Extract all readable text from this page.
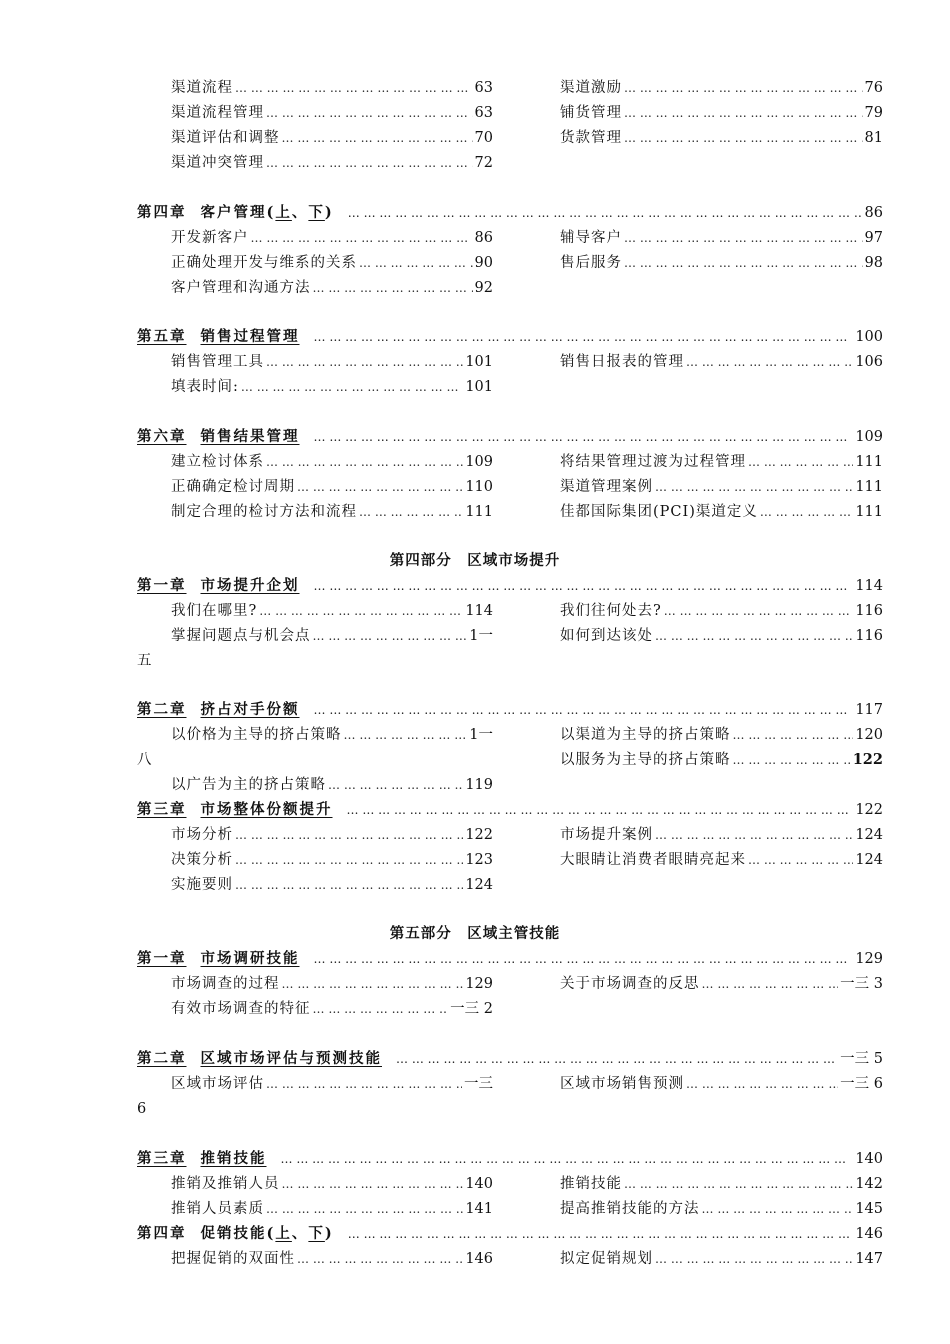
渠道流程 … … … … … … … … … … … … … … … … … … … … … … … … … … … … … … … … … … … … … … … … … … … … … … … … … … … … … … … … … … … … … … … … … … … … … … … … … … … … … … … … … …	63
渠道流程管理 … … … … … … … … … … … … … … … … … … … … … … … … … … … … … … … … … … … … … … … … … … … … … … … … … … … … … … … … … … … … … … … … … … … … … … … … … … … … … … … … … …	63
渠道评估和调整 … … … … … … … … … … … … … … … … … … … … … … … … … … … … … … … … … … … … … … … … … … … … … … … … … … … … … … … … … … … … … … … … … … … … … … … … … … … … … … … … … …	70
渠道冲突管理 … … … … … … … … … … … … … … … … … … … … … … … … … … … … … … … … … … … … … … … … … … … … … … … … … … … … … … … … … … … … … … … … … … … … … … … … … … … … … … … … … …	72
渠道激励 … … … … … … … … … … … … … … … … … … … … … … … … … … … … … … … … … … … … … … … … … … … … … … … … … … … … … … … … … … … … … … … … … … … … … … … … … … … … … … … … … …	76
铺货管理 … … … … … … … … … … … … … … … … … … … … … … … … … … … … … … … … … … … … … … … … … … … … … … … … … … … … … … … … … … … … … … … … … … … … … … … … … … … … … … … … … …	79
货款管理 … … … … … … … … … … … … … … … … … … … … … … … … … … … … … … … … … … … … … … … … … … … … … … … … … … … … … … … … … … … … … … … … … … … … … … … … … … … … … … … … … …	81
第四章 客户管理(上、下) … … … … … … … … … … … … … … … … … … … … … … … … … … … … … … … … … … … … … … … … … … … … … … … … … … … … … … … … … … … … … … … … … … … … … … … … … … … … … … … … … … … … … … … … … …	86
开发新客户 … … … … … … … … … … … … … … … … … … … … … … … … … … … … … … … … … … … … … … … … … … … … … … … … … … … … … … … … … … … … … … … … … … … … … … … … … … … … … … … … … …	86
正确处理开发与维系的关系 … … … … … … … … … … … … … … … … … … … … … … … … … … … … … … … … … … … … … … … … … … … … … … … … … … … … … … … … … … … … … … … … … … … … … … … … … … … … … … … … … …	90
客户管理和沟通方法 … … … … … … … … … … … … … … … … … … … … … … … … … … … … … … … … … … … … … … … … … … … … … … … … … … … … … … … … … … … … … … … … … … … … … … … … … … … … … … … … … …	92
辅导客户 … … … … … … … … … … … … … … … … … … … … … … … … … … … … … … … … … … … … … … … … … … … … … … … … … … … … … … … … … … … … … … … … … … … … … … … … … … … … … … … … … …	97
售后服务 … … … … … … … … … … … … … … … … … … … … … … … … … … … … … … … … … … … … … … … … … … … … … … … … … … … … … … … … … … … … … … … … … … … … … … … … … … … … … … … … … …	98
第五章 销售过程管理 … … … … … … … … … … … … … … … … … … … … … … … … … … … … … … … … … … … … … … … … … … … … … … … … … … … … … … … … … … … … … … … … … … … … … … … … … … … … … … … … … … … … … … … … … …	100
销售管理工具 … … … … … … … … … … … … … … … … … … … … … … … … … … … … … … … … … … … … … … … … … … … … … … … … … … … … … … … … … … … … … … … … … … … … … … … … … … … … … … … … … …	101
填表时间: … … … … … … … … … … … … … … … … … … … … … … … … … … … … … … … … … … … … … … … … … … … … … … … … … … … … … … … … … … … … … … … … … … … … … … … … … … … … … … … … … …	101
销售日报表的管理 … … … … … … … … … … … … … … … … … … … … … … … … … … … … … … … … … … … … … … … … … … … … … … … … … … … … … … … … … … … … … … … … … … … … … … … … … … … … … … … … … …	106
第六章 销售结果管理 … … … … … … … … … … … … … … … … … … … … … … … … … … … … … … … … … … … … … … … … … … … … … … … … … … … … … … … … … … … … … … … … … … … … … … … … … … … … … … … … … … … … … … … … … …	109
建立检讨体系 … … … … … … … … … … … … … … … … … … … … … … … … … … … … … … … … … … … … … … … … … … … … … … … … … … … … … … … … … … … … … … … … … … … … … … … … … … … … … … … … … …	109
正确确定检讨周期 … … … … … … … … … … … … … … … … … … … … … … … … … … … … … … … … … … … … … … … … … … … … … … … … … … … … … … … … … … … … … … … … … … … … … … … … … … … … … … … … … …	110
制定合理的检讨方法和流程 … … … … … … … … … … … … … … … … … … … … … … … … … … … … … … … … … … … … … … … … … … … … … … … … … … … … … … … … … … … … … … … … … … … … … … … … … … … … … … … … … …	111
将结果管理过渡为过程管理 … … … … … … … … … … … … … … … … … … … … … … … … … … … … … … … … … … … … … … … … … … … … … … … … … … … … … … … … … … … … … … … … … … … … … … … … … … … … … … … … … …	111
渠道管理案例 … … … … … … … … … … … … … … … … … … … … … … … … … … … … … … … … … … … … … … … … … … … … … … … … … … … … … … … … … … … … … … … … … … … … … … … … … … … … … … … … … …	111
佳都国际集团(PCI)渠道定义 … … … … … … … … … … … … … … … … … … … … … … … … … … … … … … … … … … … … … … … … … … … … … … … … … … … … … … … … … … … … … … … … … … … … … … … … … … … … … … … … … …	111
第四部分　区域市场提升
第一章 市场提升企划 … … … … … … … … … … … … … … … … … … … … … … … … … … … … … … … … … … … … … … … … … … … … … … … … … … … … … … … … … … … … … … … … … … … … … … … … … … … … … … … … … … … … … … … … … …	114
我们在哪里? … … … … … … … … … … … … … … … … … … … … … … … … … … … … … … … … … … … … … … … … … … … … … … … … … … … … … … … … … … … … … … … … … … … … … … … … … … … … … … … … … …	114
掌握问题点与机会点 … … … … … … … … … … … … … … … … … … … … … … … … … … … … … … … … … … … … … … … … … … … … … … … … … … … … … … … … … … … … … … … … … … … … … … … … … … … … … … … … … …	1一
五
我们往何处去? … … … … … … … … … … … … … … … … … … … … … … … … … … … … … … … … … … … … … … … … … … … … … … … … … … … … … … … … … … … … … … … … … … … … … … … … … … … … … … … … … …	116
如何到达该处 … … … … … … … … … … … … … … … … … … … … … … … … … … … … … … … … … … … … … … … … … … … … … … … … … … … … … … … … … … … … … … … … … … … … … … … … … … … … … … … … … …	116
第二章 挤占对手份额 … … … … … … … … … … … … … … … … … … … … … … … … … … … … … … … … … … … … … … … … … … … … … … … … … … … … … … … … … … … … … … … … … … … … … … … … … … … … … … … … … … … … … … … … … …	117
以价格为主导的挤占策略 … … … … … … … … … … … … … … … … … … … … … … … … … … … … … … … … … … … … … … … … … … … … … … … … … … … … … … … … … … … … … … … … … … … … … … … … … … … … … … … … … …	1一
八
以广告为主的挤占策略 … … … … … … … … … … … … … … … … … … … … … … … … … … … … … … … … … … … … … … … … … … … … … … … … … … … … … … … … … … … … … … … … … … … … … … … … … … … … … … … … … …	119
以渠道为主导的挤占策略 … … … … … … … … … … … … … … … … … … … … … … … … … … … … … … … … … … … … … … … … … … … … … … … … … … … … … … … … … … … … … … … … … … … … … … … … … … … … … … … … … …	120
以服务为主导的挤占策略 … … … … … … … … … … … … … … … … … … … … … … … … … … … … … … … … … … … … … … … … … … … … … … … … … … … … … … … … … … … … … … … … … … … … … … … … … … … … … … … … … …	122
第三章 市场整体份额提升 … … … … … … … … … … … … … … … … … … … … … … … … … … … … … … … … … … … … … … … … … … … … … … … … … … … … … … … … … … … … … … … … … … … … … … … … … … … … … … … … … … … … … … … … … …	122
市场分析 … … … … … … … … … … … … … … … … … … … … … … … … … … … … … … … … … … … … … … … … … … … … … … … … … … … … … … … … … … … … … … … … … … … … … … … … … … … … … … … … … …	122
决策分析 … … … … … … … … … … … … … … … … … … … … … … … … … … … … … … … … … … … … … … … … … … … … … … … … … … … … … … … … … … … … … … … … … … … … … … … … … … … … … … … … … …	123
实施要则 … … … … … … … … … … … … … … … … … … … … … … … … … … … … … … … … … … … … … … … … … … … … … … … … … … … … … … … … … … … … … … … … … … … … … … … … … … … … … … … … … …	124
市场提升案例 … … … … … … … … … … … … … … … … … … … … … … … … … … … … … … … … … … … … … … … … … … … … … … … … … … … … … … … … … … … … … … … … … … … … … … … … … … … … … … … … … …	124
大眼睛让消费者眼睛亮起来 … … … … … … … … … … … … … … … … … … … … … … … … … … … … … … … … … … … … … … … … … … … … … … … … … … … … … … … … … … … … … … … … … … … … … … … … … … … … … … … … … …	124
第五部分　区域主管技能
第一章 市场调研技能 … … … … … … … … … … … … … … … … … … … … … … … … … … … … … … … … … … … … … … … … … … … … … … … … … … … … … … … … … … … … … … … … … … … … … … … … … … … … … … … … … … … … … … … … … …	129
市场调查的过程 … … … … … … … … … … … … … … … … … … … … … … … … … … … … … … … … … … … … … … … … … … … … … … … … … … … … … … … … … … … … … … … … … … … … … … … … … … … … … … … … … …	129
有效市场调查的特征 … … … … … … … … … … … … … … … … … … … … … … … … … … … … … … … … … … … … … … … … … … … … … … … … … … … … … … … … … … … … … … … … … … … … … … … … … … … … … … … … … …	一三 2
关于市场调查的反思 … … … … … … … … … … … … … … … … … … … … … … … … … … … … … … … … … … … … … … … … … … … … … … … … … … … … … … … … … … … … … … … … … … … … … … … … … … … … … … … … … …	一三 3
第二章 区域市场评估与预测技能 … … … … … … … … … … … … … … … … … … … … … … … … … … … … … … … … … … … … … … … … … … … … … … … … … … … … … … … … … … … … … … … … … … … … … … … … … … … … … … … … … … … … … … … … … …	一三 5
区域市场评估 … … … … … … … … … … … … … … … … … … … … … … … … … … … … … … … … … … … … … … … … … … … … … … … … … … … … … … … … … … … … … … … … … … … … … … … … … … … … … … … … … …	一三
6
区域市场销售预测 … … … … … … … … … … … … … … … … … … … … … … … … … … … … … … … … … … … … … … … … … … … … … … … … … … … … … … … … … … … … … … … … … … … … … … … … … … … … … … … … … …	一三 6
第三章 推销技能 … … … … … … … … … … … … … … … … … … … … … … … … … … … … … … … … … … … … … … … … … … … … … … … … … … … … … … … … … … … … … … … … … … … … … … … … … … … … … … … … … … … … … … … … … …	140
推销及推销人员 … … … … … … … … … … … … … … … … … … … … … … … … … … … … … … … … … … … … … … … … … … … … … … … … … … … … … … … … … … … … … … … … … … … … … … … … … … … … … … … … … …	140
推销人员素质 … … … … … … … … … … … … … … … … … … … … … … … … … … … … … … … … … … … … … … … … … … … … … … … … … … … … … … … … … … … … … … … … … … … … … … … … … … … … … … … … … …	141
推销技能 … … … … … … … … … … … … … … … … … … … … … … … … … … … … … … … … … … … … … … … … … … … … … … … … … … … … … … … … … … … … … … … … … … … … … … … … … … … … … … … … … …	142
提高推销技能的方法 … … … … … … … … … … … … … … … … … … … … … … … … … … … … … … … … … … … … … … … … … … … … … … … … … … … … … … … … … … … … … … … … … … … … … … … … … … … … … … … … … …	145
第四章 促销技能(上、下) … … … … … … … … … … … … … … … … … … … … … … … … … … … … … … … … … … … … … … … … … … … … … … … … … … … … … … … … … … … … … … … … … … … … … … … … … … … … … … … … … … … … … … … … … …	146
把握促销的双面性 … … … … … … … … … … … … … … … … … … … … … … … … … … … … … … … … … … … … … … … … … … … … … … … … … … … … … … … … … … … … … … … … … … … … … … … … … … … … … … … … … …	146	拟定促销规划 … … … … … … … … … … … … … … … … … … … … … … … … … … … … … … … … … … … … … … … … … … … … … … … … … … … … … … … … … … … … … … … … … … … … … … … … … … … … … … … … … …	147
